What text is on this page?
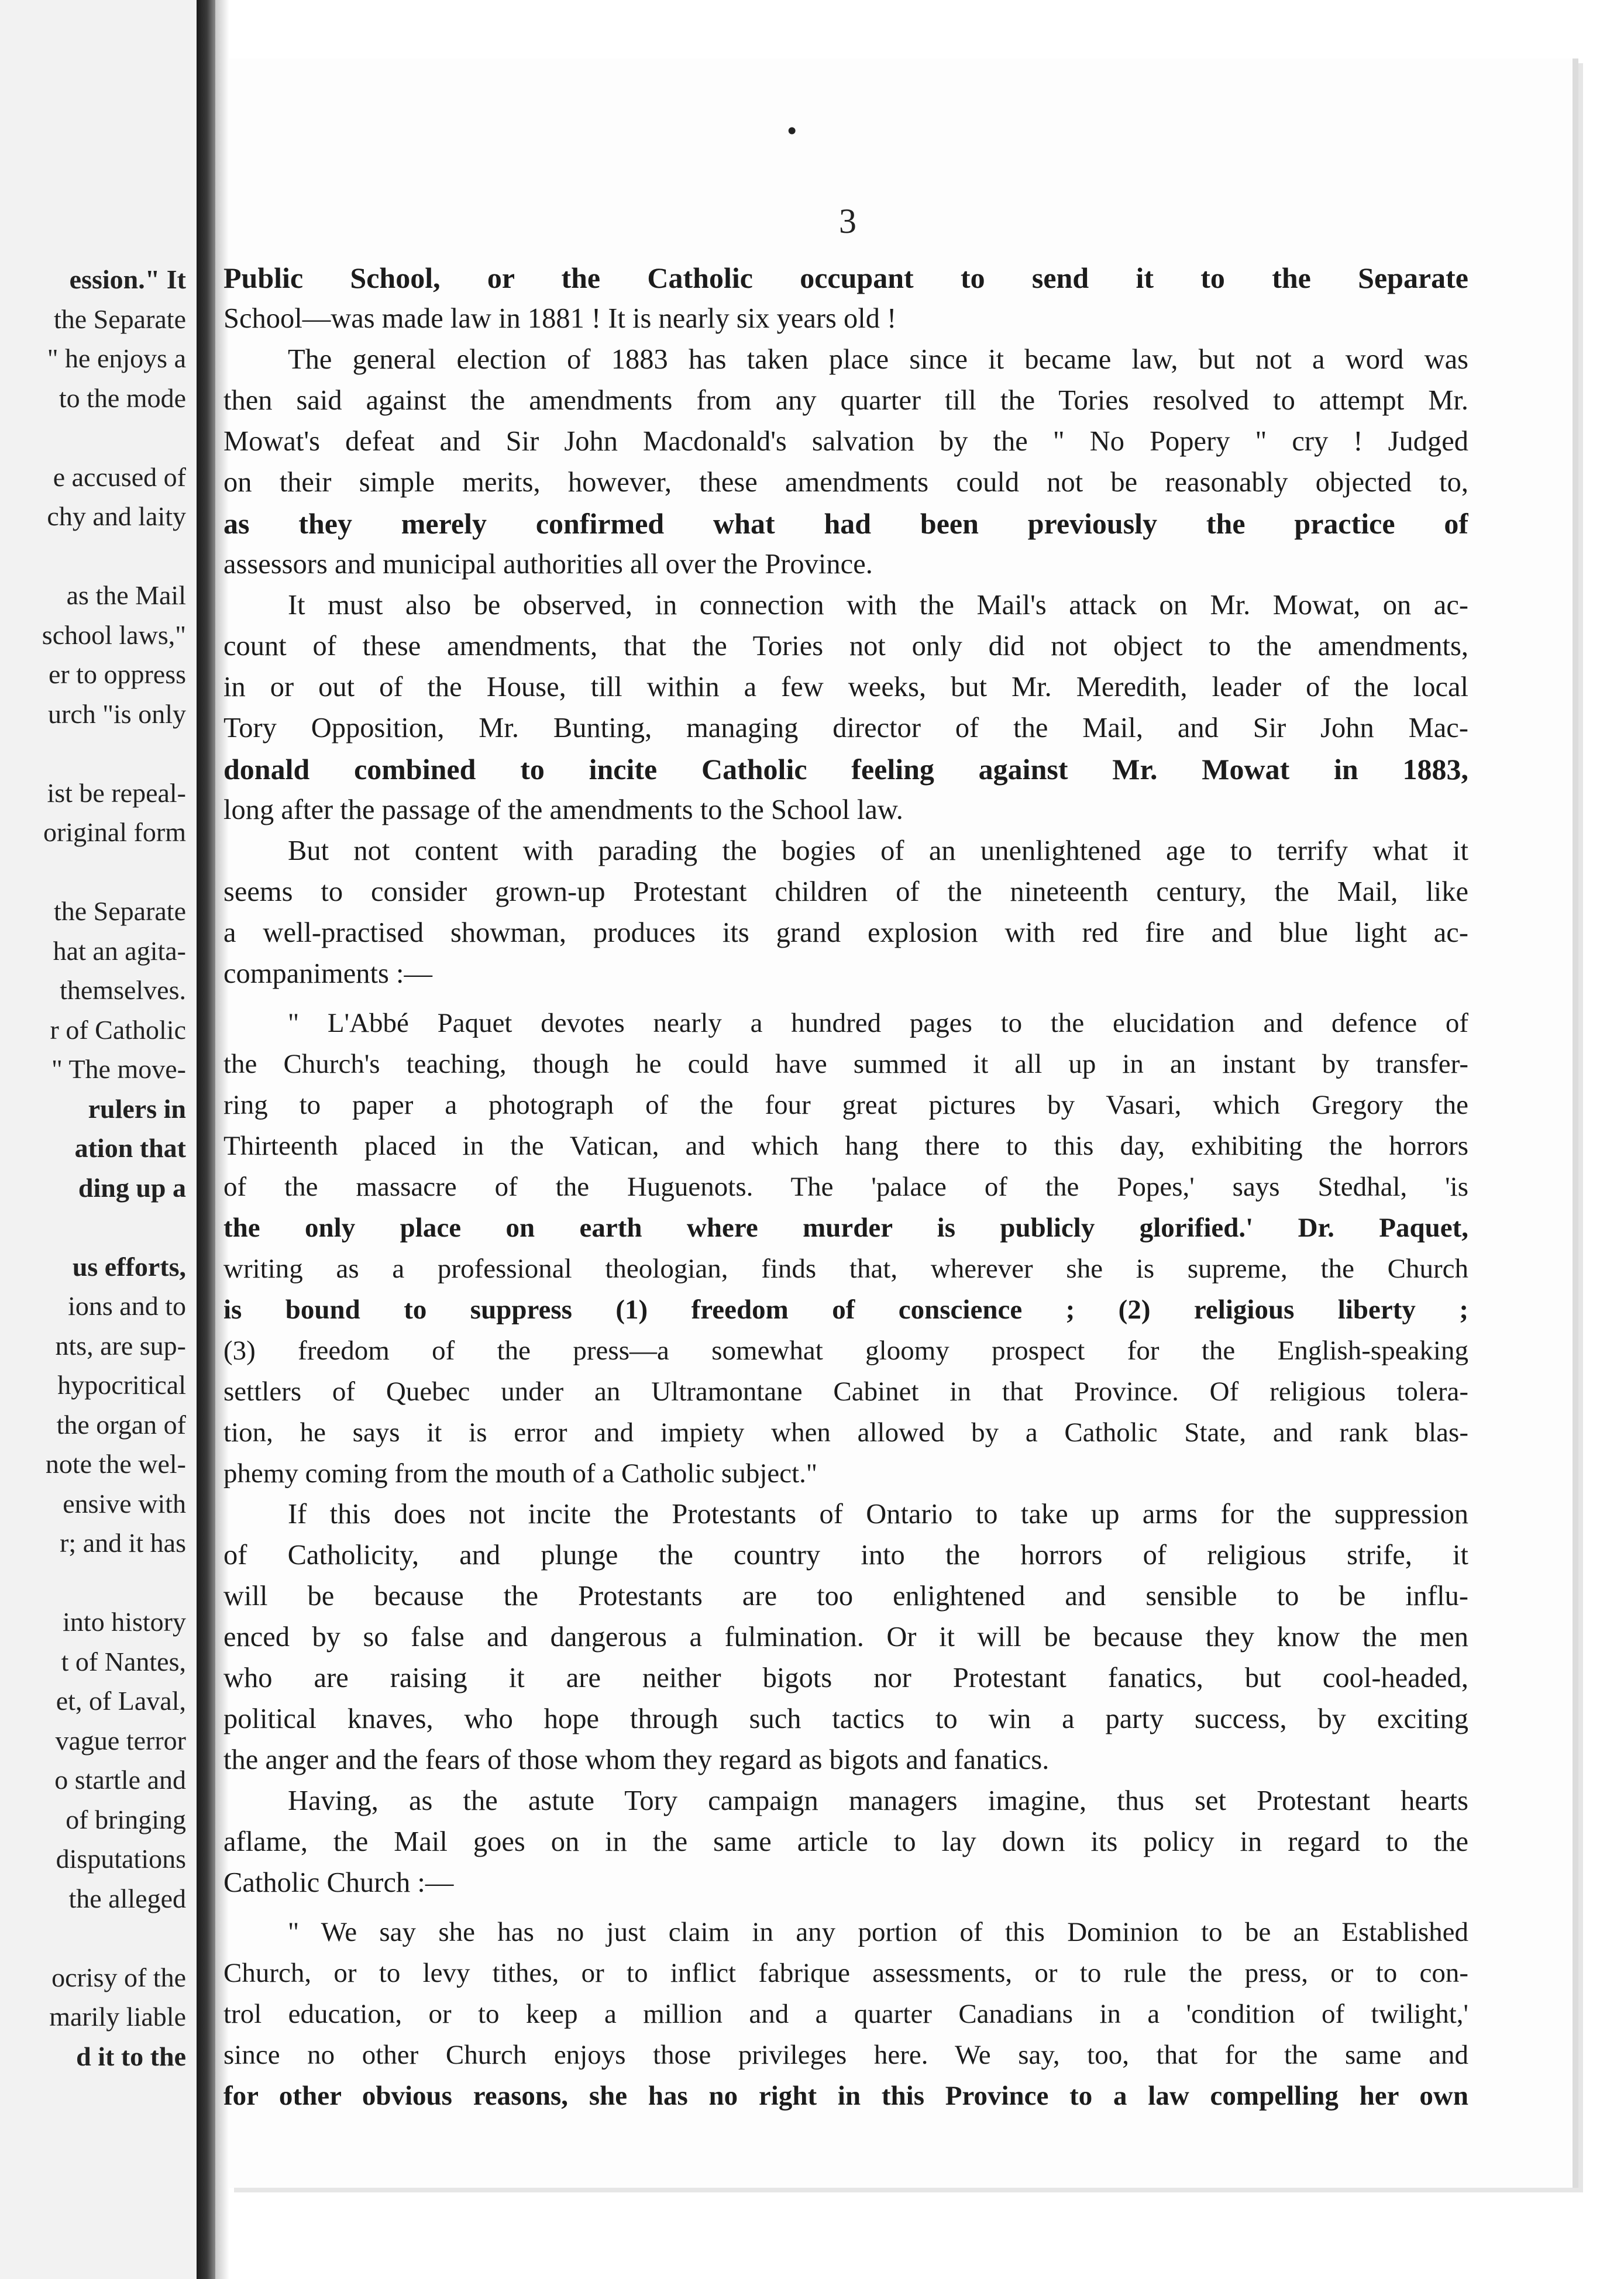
ession." It
the Separate
" he enjoys a
to the mode
e accused of
chy and laity
as the Mail
school laws,"
er to oppress
urch "is only
ist be repeal-
original form
the Separate
hat an agita-
themselves.
r of Catholic
" The move-
rulers in
ation that
ding up a
us efforts,
ions and to
nts, are sup-
hypocritical
the organ of
note the wel-
ensive with
r; and it has
into history
t of Nantes,
et, of Laval,
vague terror
o startle and
of bringing
disputations
the alleged
ocrisy of the
marily liable
d it to the
•
3
Public School, or the Catholic occupant to send it to the Separate
School—was made law in 1881 ! It is nearly six years old !
The general election of 1883 has taken place since it became law, but not a word was
then said against the amendments from any quarter till the Tories resolved to attempt Mr.
Mowat's defeat and Sir John Macdonald's salvation by the " No Popery " cry ! Judged
on their simple merits, however, these amendments could not be reasonably objected to,
as they merely confirmed what had been previously the practice of
assessors and municipal authorities all over the Province.
It must also be observed, in connection with the Mail's attack on Mr. Mowat, on ac-
count of these amendments, that the Tories not only did not object to the amendments,
in or out of the House, till within a few weeks, but Mr. Meredith, leader of the local
Tory Opposition, Mr. Bunting, managing director of the Mail, and Sir John Mac-
donald combined to incite Catholic feeling against Mr. Mowat in 1883,
long after the passage of the amendments to the School law.
But not content with parading the bogies of an unenlightened age to terrify what it
seems to consider grown-up Protestant children of the nineteenth century, the Mail, like
a well-practised showman, produces its grand explosion with red fire and blue light ac-
companiments :—
" L'Abbé Paquet devotes nearly a hundred pages to the elucidation and defence of
the Church's teaching, though he could have summed it all up in an instant by transfer-
ring to paper a photograph of the four great pictures by Vasari, which Gregory the
Thirteenth placed in the Vatican, and which hang there to this day, exhibiting the horrors
of the massacre of the Huguenots. The 'palace of the Popes,' says Stedhal, 'is
the only place on earth where murder is publicly glorified.' Dr. Paquet,
writing as a professional theologian, finds that, wherever she is supreme, the Church
is bound to suppress (1) freedom of conscience ; (2) religious liberty ;
(3) freedom of the press—a somewhat gloomy prospect for the English-speaking
settlers of Quebec under an Ultramontane Cabinet in that Province. Of religious tolera-
tion, he says it is error and impiety when allowed by a Catholic State, and rank blas-
phemy coming from the mouth of a Catholic subject."
If this does not incite the Protestants of Ontario to take up arms for the suppression
of Catholicity, and plunge the country into the horrors of religious strife, it
will be because the Protestants are too enlightened and sensible to be influ-
enced by so false and dangerous a fulmination. Or it will be because they know the men
who are raising it are neither bigots nor Protestant fanatics, but cool-headed,
political knaves, who hope through such tactics to win a party success, by exciting
the anger and the fears of those whom they regard as bigots and fanatics.
Having, as the astute Tory campaign managers imagine, thus set Protestant hearts
aflame, the Mail goes on in the same article to lay down its policy in regard to the
Catholic Church :—
" We say she has no just claim in any portion of this Dominion to be an Established
Church, or to levy tithes, or to inflict fabrique assessments, or to rule the press, or to con-
trol education, or to keep a million and a quarter Canadians in a 'condition of twilight,'
since no other Church enjoys those privileges here. We say, too, that for the same and
for other obvious reasons, she has no right in this Province to a law compelling her own
